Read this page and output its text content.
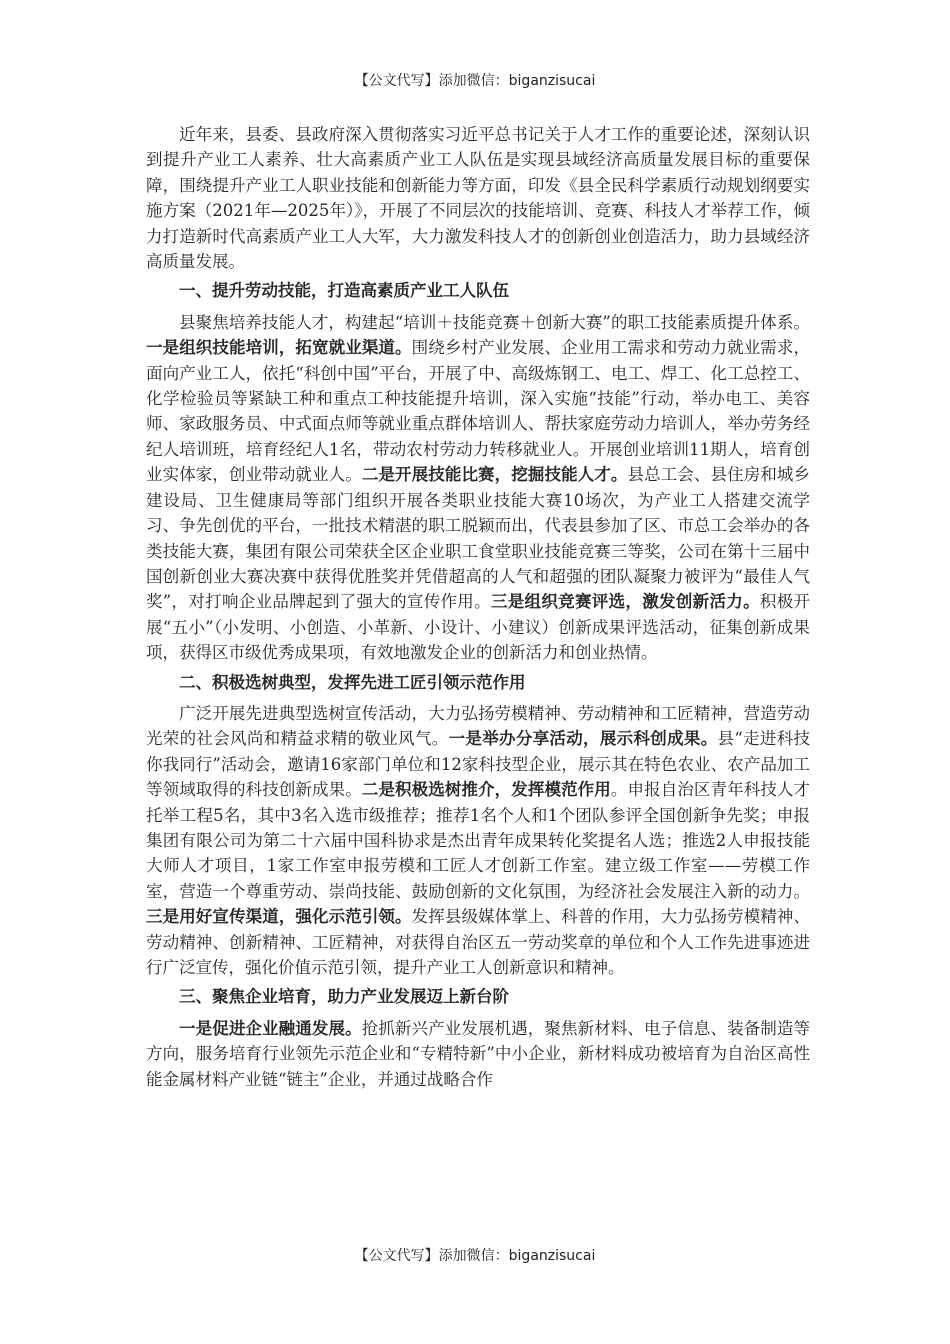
【公文代写】添加微信：biganzisucai

近年来，县委、县政府深入贯彻落实习近平总书记关于人才工作的重要论述，深刻认识到提升产业工人素养、壮大高素质产业工人队伍是实现县域经济高质量发展目标的重要保障，围绕提升产业工人职业技能和创新能力等方面，印发《县全民科学素质行动规划纲要实施方案（2021年—2025年）》，开展了不同层次的技能培训、竞赛、科技人才举荐工作，倾力打造新时代高素质产业工人大军，大力激发科技人才的创新创业创造活力，助力县域经济高质量发展。

一、提升劳动技能，打造高素质产业工人队伍

县聚焦培养技能人才，构建起“培训＋技能竞赛＋创新大赛”的职工技能素质提升体系。一是组织技能培训，拓宽就业渠道。围绕乡村产业发展、企业用工需求和劳动力就业需求，面向产业工人，依托“科创中国”平台，开展了中、高级炼钢工、电工、焊工、化工总控工、化学检验员等紧缺工种和重点工种技能提升培训，深入实施“技能”行动，举办电工、美容师、家政服务员、中式面点师等就业重点群体培训人、帮扶家庭劳动力培训人，举办劳务经纪人培训班，培育经纪人1名，带动农村劳动力转移就业人。开展创业培训11期人，培育创业实体家，创业带动就业人。二是开展技能比赛，挖掘技能人才。县总工会、县住房和城乡建设局、卫生健康局等部门组织开展各类职业技能大赛10场次，为产业工人搭建交流学习、争先创优的平台，一批技术精湛的职工脱颖而出，代表县参加了区、市总工会举办的各类技能大赛，集团有限公司荣获全区企业职工食堂职业技能竞赛三等奖，公司在第十三届中国创新创业大赛决赛中获得优胜奖并凭借超高的人气和超强的团队凝聚力被评为“最佳人气奖”，对打响企业品牌起到了强大的宣传作用。三是组织竞赛评选，激发创新活力。积极开展“五小”（小发明、小创造、小革新、小设计、小建议）创新成果评选活动，征集创新成果项，获得区市级优秀成果项，有效地激发企业的创新活力和创业热情。

二、积极选树典型，发挥先进工匠引领示范作用

广泛开展先进典型选树宣传活动，大力弘扬劳模精神、劳动精神和工匠精神，营造劳动光荣的社会风尚和精益求精的敬业风气。一是举办分享活动，展示科创成果。县“走进科技你我同行”活动会，邀请16家部门单位和12家科技型企业，展示其在特色农业、农产品加工等领域取得的科技创新成果。二是积极选树推介，发挥模范作用。申报自治区青年科技人才托举工程5名，其中3名入选市级推荐；推荐1名个人和1个团队参评全国创新争先奖；申报集团有限公司为第二十六届中国科协求是杰出青年成果转化奖提名人选；推选2人申报技能大师人才项目，1家工作室申报劳模和工匠人才创新工作室。建立级工作室——劳模工作室，营造一个尊重劳动、崇尚技能、鼓励创新的文化氛围，为经济社会发展注入新的动力。三是用好宣传渠道，强化示范引领。发挥县级媒体掌上、科普的作用，大力弘扬劳模精神、劳动精神、创新精神、工匠精神，对获得自治区五一劳动奖章的单位和个人工作先进事迹进行广泛宣传，强化价值示范引领，提升产业工人创新意识和精神。

三、聚焦企业培育，助力产业发展迈上新台阶

一是促进企业融通发展。抢抓新兴产业发展机遇，聚焦新材料、电子信息、装备制造等方向，服务培育行业领先示范企业和“专精特新”中小企业，新材料成功被培育为自治区高性能金属材料产业链“链主”企业，并通过战略合作

【公文代写】添加微信：biganzisucai
